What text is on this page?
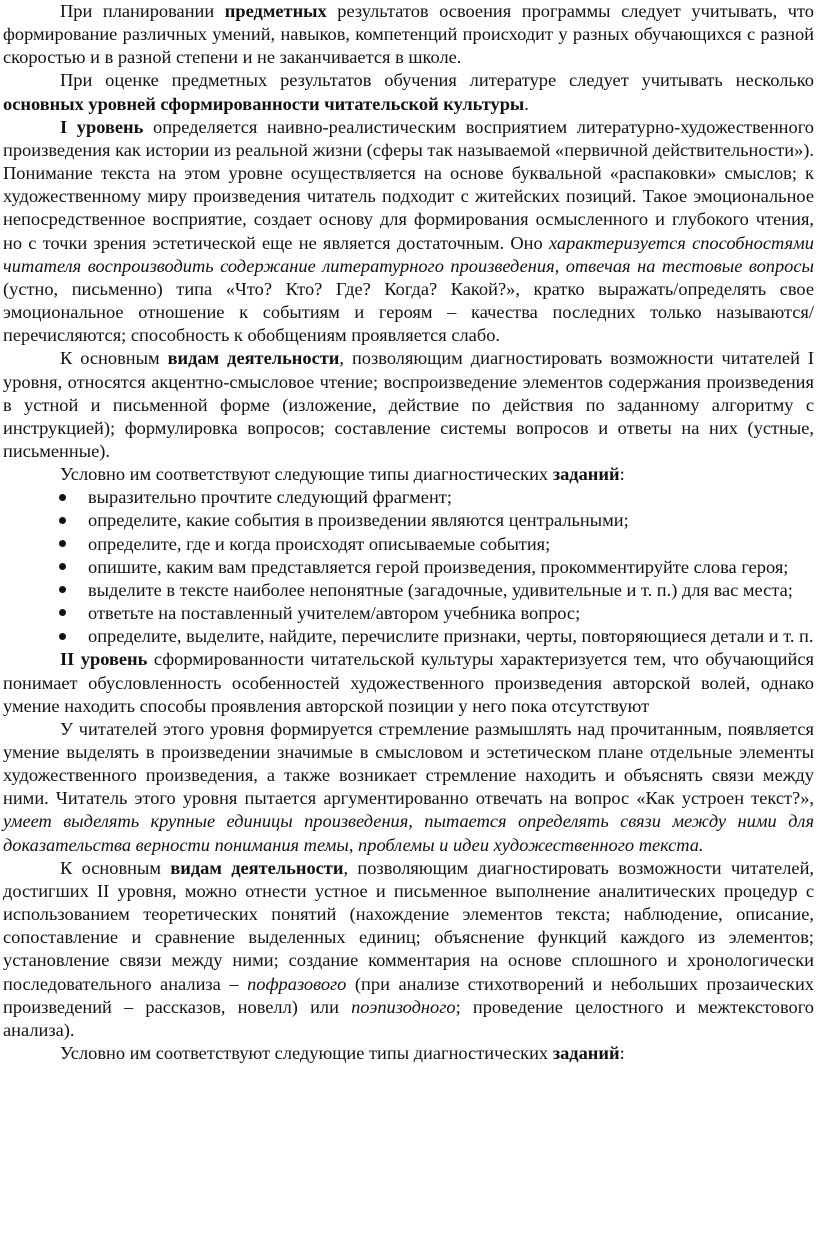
При планировании предметных результатов освоения программы следует учитывать, что формирование различных умений, навыков, компетенций происходит у разных обучающихся с разной скоростью и в разной степени и не заканчивается в школе.

При оценке предметных результатов обучения литературе следует учитывать несколько основных уровней сформированности читательской культуры.

I уровень определяется наивно-реалистическим восприятием литературно-художественного произведения как истории из реальной жизни (сферы так называемой «первичной действительности»). Понимание текста на этом уровне осуществляется на основе буквальной «распаковки» смыслов; к художественному миру произведения читатель подходит с житейских позиций. Такое эмоциональное непосредственное восприятие, создает основу для формирования осмысленного и глубокого чтения, но с точки зрения эстетической еще не является достаточным. Оно характеризуется способностями читателя воспроизводить содержание литературного произведения, отвечая на тестовые вопросы (устно, письменно) типа «Что? Кто? Где? Когда? Какой?», кратко выражать/определять свое эмоциональное отношение к событиям и героям – качества последних только называются/перечисляются; способность к обобщениям проявляется слабо.

К основным видам деятельности, позволяющим диагностировать возможности читателей I уровня, относятся акцентно-смысловое чтение; воспроизведение элементов содержания произведения в устной и письменной форме (изложение, действие по действия по заданному алгоритму с инструкцией); формулировка вопросов; составление системы вопросов и ответы на них (устные, письменные).

Условно им соответствуют следующие типы диагностических заданий:

выразительно прочтите следующий фрагмент;

определите, какие события в произведении являются центральными;

определите, где и когда происходят описываемые события;

опишите, каким вам представляется герой произведения, прокомментируйте слова героя;

выделите в тексте наиболее непонятные (загадочные, удивительные и т. п.) для вас места;

ответьте на поставленный учителем/автором учебника вопрос;

определите, выделите, найдите, перечислите признаки, черты, повторяющиеся детали и т. п.

II уровень сформированности читательской культуры характеризуется тем, что обучающийся понимает обусловленность особенностей художественного произведения авторской волей, однако умение находить способы проявления авторской позиции у него пока отсутствуют

У читателей этого уровня формируется стремление размышлять над прочитанным, появляется умение выделять в произведении значимые в смысловом и эстетическом плане отдельные элементы художественного произведения, а также возникает стремление находить и объяснять связи между ними. Читатель этого уровня пытается аргументированно отвечать на вопрос «Как устроен текст?», умеет выделять крупные единицы произведения, пытается определять связи между ними для доказательства верности понимания темы, проблемы и идеи художественного текста.

К основным видам деятельности, позволяющим диагностировать возможности читателей, достигших II уровня, можно отнести устное и письменное выполнение аналитических процедур с использованием теоретических понятий (нахождение элементов текста; наблюдение, описание, сопоставление и сравнение выделенных единиц; объяснение функций каждого из элементов; установление связи между ними; создание комментария на основе сплошного и хронологически последовательного анализа – пофразового (при анализе стихотворений и небольших прозаических произведений – рассказов, новелл) или поэпизодного; проведение целостного и межтекстового анализа).

Условно им соответствуют следующие типы диагностических заданий:
